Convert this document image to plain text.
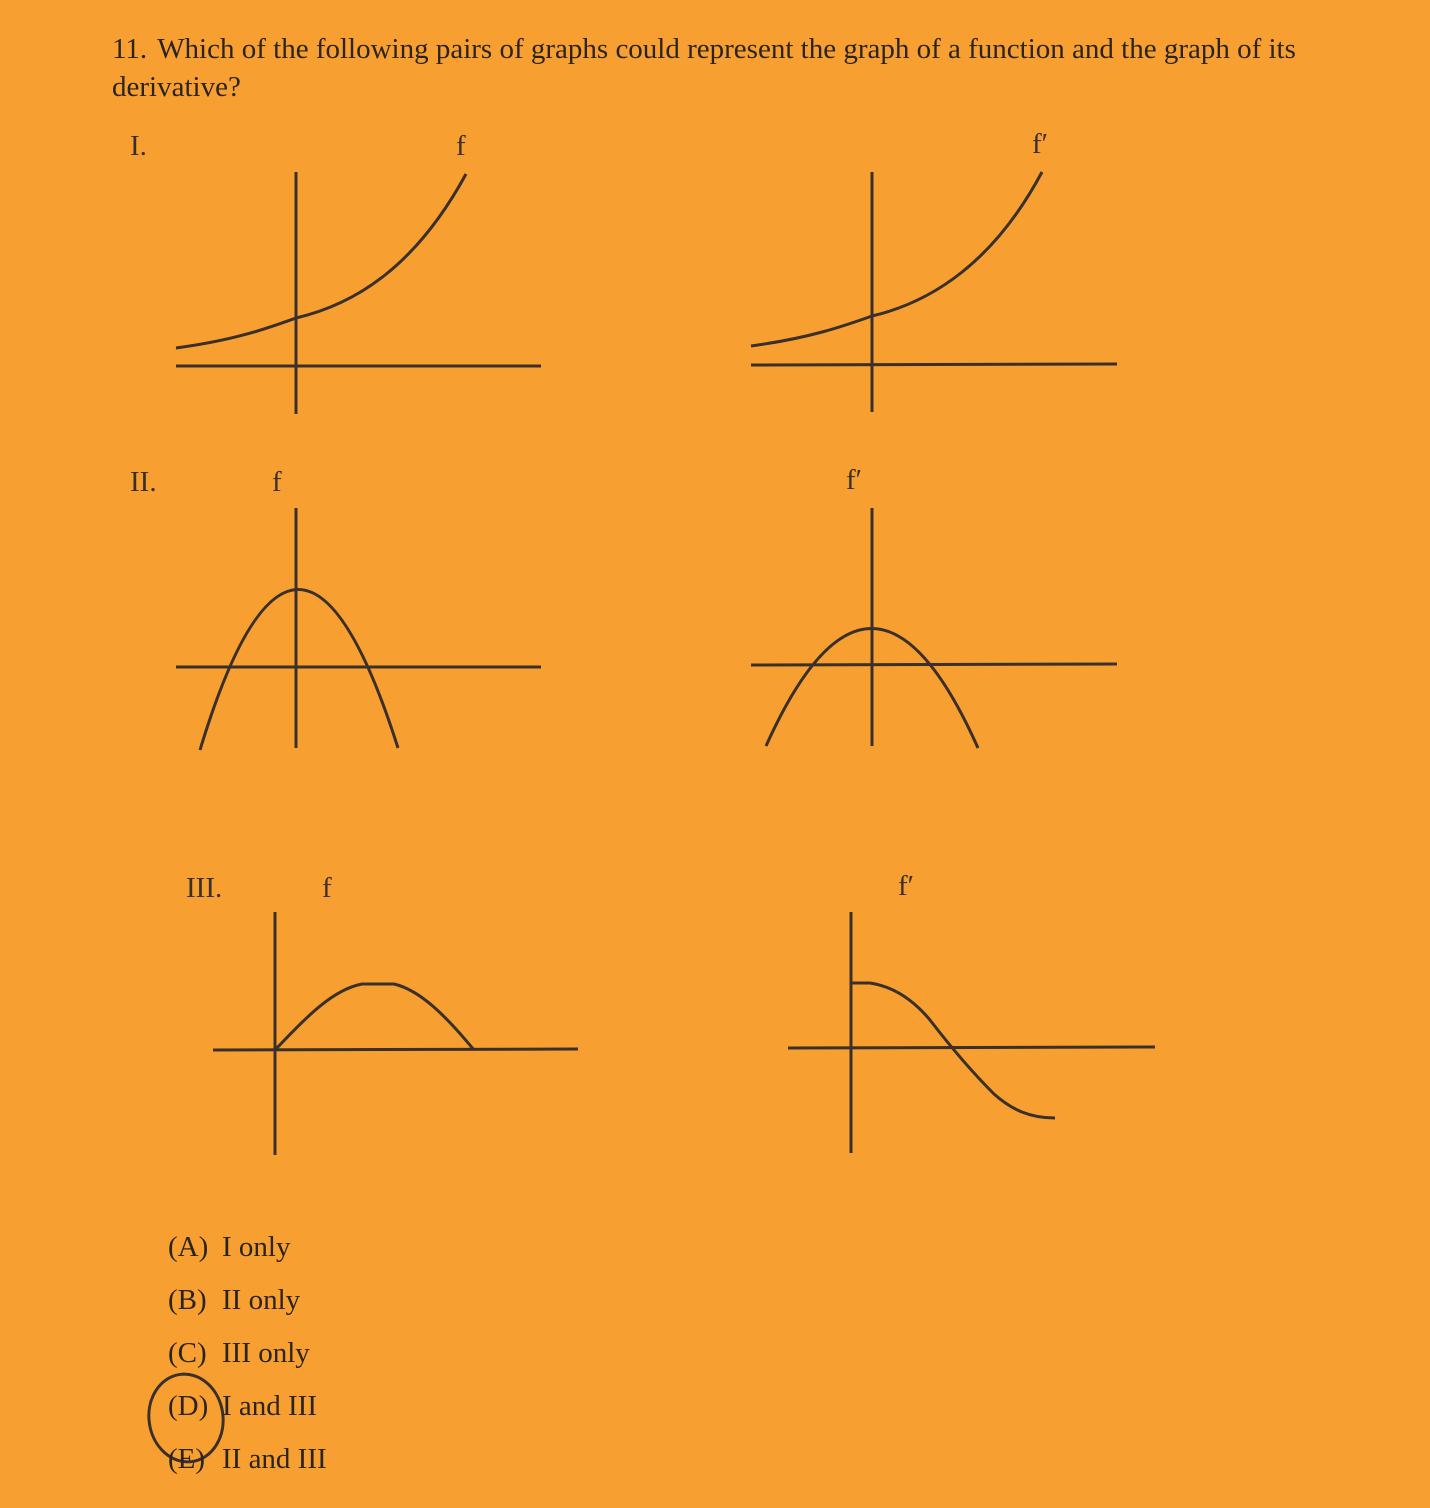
11. Which of the following pairs of graphs could represent the graph of a function and the graph of its derivative?

I.	f	f′
II.	f	f′
III.	f	f′
(A) I only
(B) II only
(C) III only
(D) I and III
(E) II and III
